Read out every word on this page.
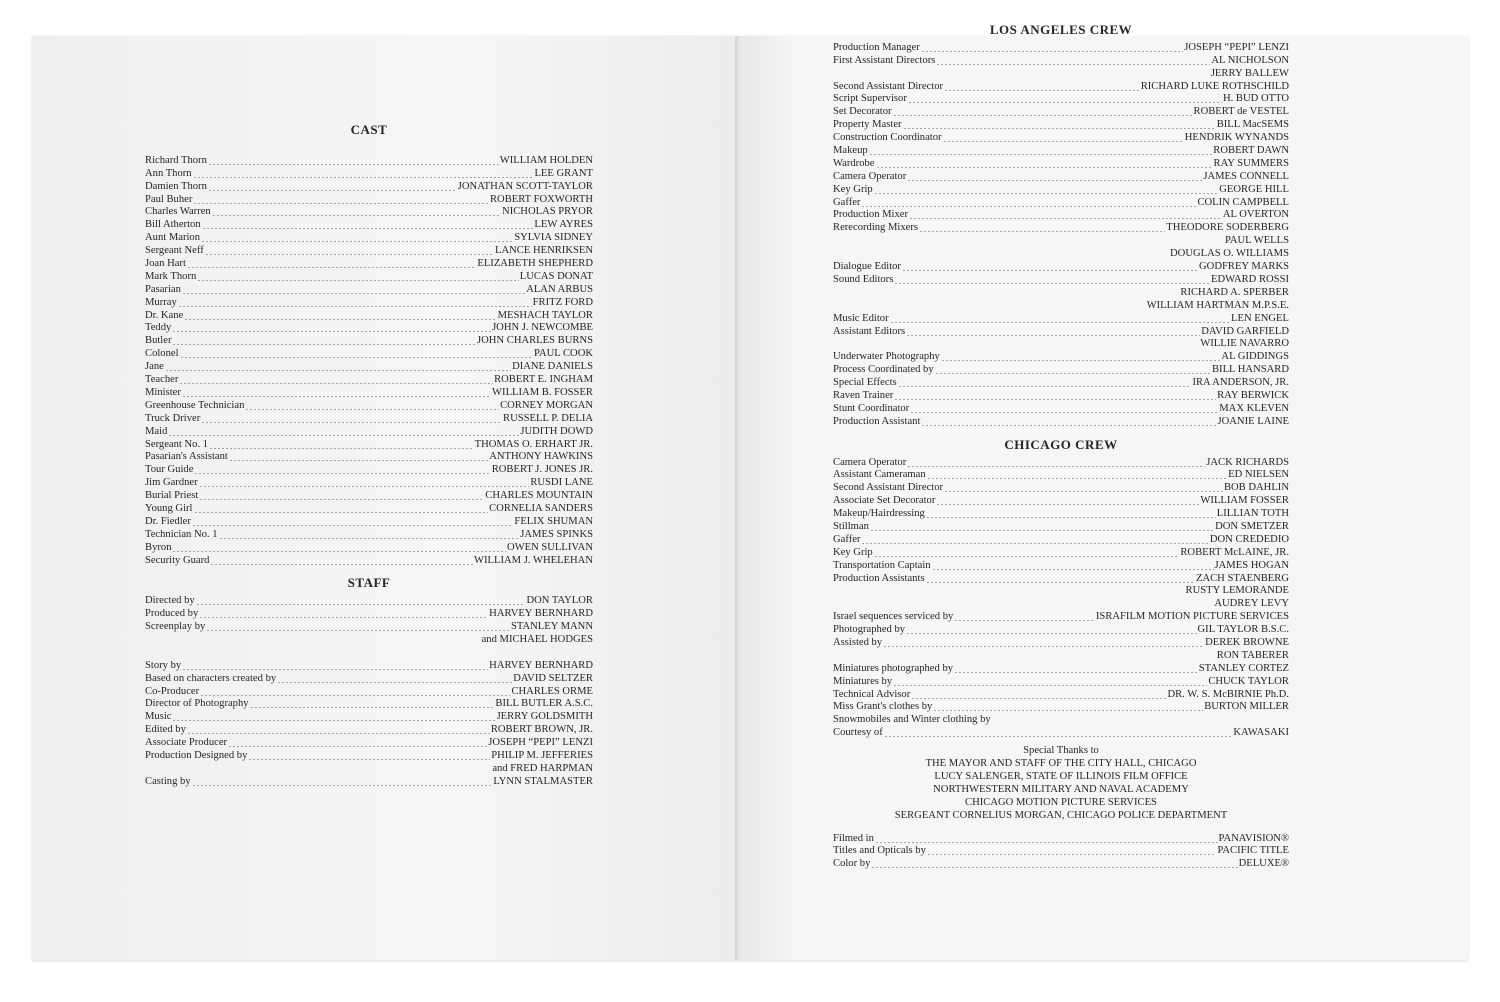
CAST
Richard Thorn	WILLIAM HOLDEN
Ann Thorn	LEE GRANT
Damien Thorn	JONATHAN SCOTT-TAYLOR
Paul Buher	ROBERT FOXWORTH
Charles Warren	NICHOLAS PRYOR
Bill Atherton	LEW AYRES
Aunt Marion	SYLVIA SIDNEY
Sergeant Neff	LANCE HENRIKSEN
Joan Hart	ELIZABETH SHEPHERD
Mark Thorn	LUCAS DONAT
Pasarian	ALAN ARBUS
Murray	FRITZ FORD
Dr. Kane	MESHACH TAYLOR
Teddy	JOHN J. NEWCOMBE
Butler	JOHN CHARLES BURNS
Colonel	PAUL COOK
Jane	DIANE DANIELS
Teacher	ROBERT E. INGHAM
Minister	WILLIAM B. FOSSER
Greenhouse Technician	CORNEY MORGAN
Truck Driver	RUSSELL P. DELIA
Maid	JUDITH DOWD
Sergeant No. 1	THOMAS O. ERHART JR.
Pasarian's Assistant	ANTHONY HAWKINS
Tour Guide	ROBERT J. JONES JR.
Jim Gardner	RUSDI LANE
Burial Priest	CHARLES MOUNTAIN
Young Girl	CORNELIA SANDERS
Dr. Fiedler	FELIX SHUMAN
Technician No. 1	JAMES SPINKS
Byron	OWEN SULLIVAN
Security Guard	WILLIAM J. WHELEHAN
STAFF
Directed by	DON TAYLOR
Produced by	HARVEY BERNHARD
Screenplay by	STANLEY MANN
and MICHAEL HODGES
Story by	HARVEY BERNHARD
Based on characters created by	DAVID SELTZER
Co-Producer	CHARLES ORME
Director of Photography	BILL BUTLER A.S.C.
Music	JERRY GOLDSMITH
Edited by	ROBERT BROWN, JR.
Associate Producer	JOSEPH “PEPI” LENZI
Production Designed by	PHILIP M. JEFFERIES
and FRED HARPMAN
Casting by	LYNN STALMASTER
LOS ANGELES CREW
Production Manager	JOSEPH “PEPI” LENZI
First Assistant Directors	AL NICHOLSON
JERRY BALLEW
Second Assistant Director	RICHARD LUKE ROTHSCHILD
Script Supervisor	H. BUD OTTO
Set Decorator	ROBERT de VESTEL
Property Master	BILL MacSEMS
Construction Coordinator	HENDRIK WYNANDS
Makeup	ROBERT DAWN
Wardrobe	RAY SUMMERS
Camera Operator	JAMES CONNELL
Key Grip	GEORGE HILL
Gaffer	COLIN CAMPBELL
Production Mixer	AL OVERTON
Rerecording Mixers	THEODORE SODERBERG
PAUL WELLS
DOUGLAS O. WILLIAMS
Dialogue Editor	GODFREY MARKS
Sound Editors	EDWARD ROSSI
RICHARD A. SPERBER
WILLIAM HARTMAN M.P.S.E.
Music Editor	LEN ENGEL
Assistant Editors	DAVID GARFIELD
WILLIE NAVARRO
Underwater Photography	AL GIDDINGS
Process Coordinated by	BILL HANSARD
Special Effects	IRA ANDERSON, JR.
Raven Trainer	RAY BERWICK
Stunt Coordinator	MAX KLEVEN
Production Assistant	JOANIE LAINE
CHICAGO CREW
Camera Operator	JACK RICHARDS
Assistant Cameraman	ED NIELSEN
Second Assistant Director	BOB DAHLIN
Associate Set Decorator	WILLIAM FOSSER
Makeup/Hairdressing	LILLIAN TOTH
Stillman	DON SMETZER
Gaffer	DON CREDEDIO
Key Grip	ROBERT McLAINE, JR.
Transportation Captain	JAMES HOGAN
Production Assistants	ZACH STAENBERG
RUSTY LEMORANDE
AUDREY LEVY
Israel sequences serviced by	ISRAFILM MOTION PICTURE SERVICES
Photographed by	GIL TAYLOR B.S.C.
Assisted by	DEREK BROWNE
RON TABERER
Miniatures photographed by	STANLEY CORTEZ
Miniatures by	CHUCK TAYLOR
Technical Advisor	DR. W. S. McBIRNIE Ph.D.
Miss Grant's clothes by	BURTON MILLER
Snowmobiles and Winter clothing by
Courtesy of	KAWASAKI
Special Thanks to
THE MAYOR AND STAFF OF THE CITY HALL, CHICAGO
LUCY SALENGER, STATE OF ILLINOIS FILM OFFICE
NORTHWESTERN MILITARY AND NAVAL ACADEMY
CHICAGO MOTION PICTURE SERVICES
SERGEANT CORNELIUS MORGAN, CHICAGO POLICE DEPARTMENT
Filmed in	PANAVISION®
Titles and Opticals by	PACIFIC TITLE
Color by	DELUXE®
